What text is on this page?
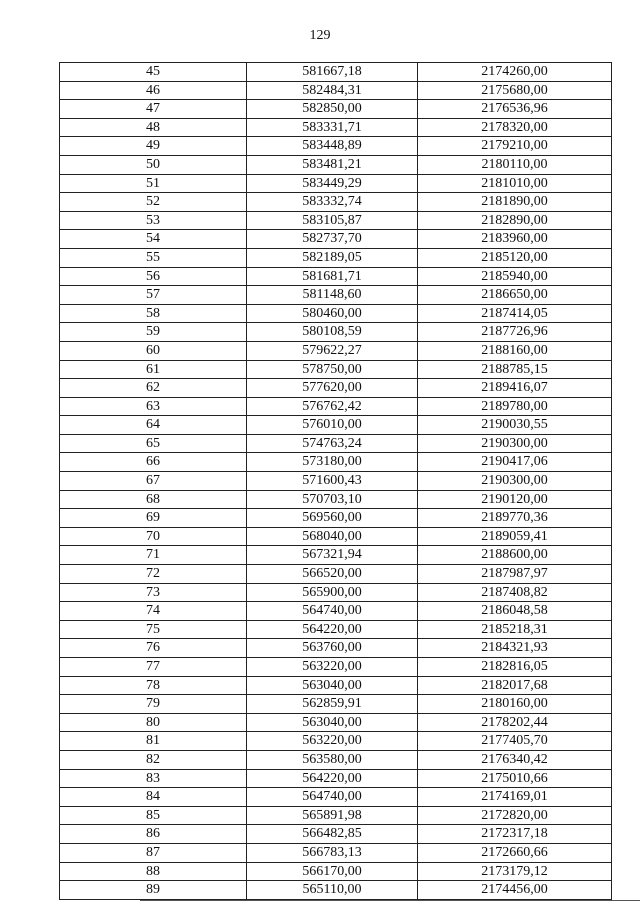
129
45	581667,18	2174260,00
46	582484,31	2175680,00
47	582850,00	2176536,96
48	583331,71	2178320,00
49	583448,89	2179210,00
50	583481,21	2180110,00
51	583449,29	2181010,00
52	583332,74	2181890,00
53	583105,87	2182890,00
54	582737,70	2183960,00
55	582189,05	2185120,00
56	581681,71	2185940,00
57	581148,60	2186650,00
58	580460,00	2187414,05
59	580108,59	2187726,96
60	579622,27	2188160,00
61	578750,00	2188785,15
62	577620,00	2189416,07
63	576762,42	2189780,00
64	576010,00	2190030,55
65	574763,24	2190300,00
66	573180,00	2190417,06
67	571600,43	2190300,00
68	570703,10	2190120,00
69	569560,00	2189770,36
70	568040,00	2189059,41
71	567321,94	2188600,00
72	566520,00	2187987,97
73	565900,00	2187408,82
74	564740,00	2186048,58
75	564220,00	2185218,31
76	563760,00	2184321,93
77	563220,00	2182816,05
78	563040,00	2182017,68
79	562859,91	2180160,00
80	563040,00	2178202,44
81	563220,00	2177405,70
82	563580,00	2176340,42
83	564220,00	2175010,66
84	564740,00	2174169,01
85	565891,98	2172820,00
86	566482,85	2172317,18
87	566783,13	2172660,66
88	566170,00	2173179,12
89	565110,00	2174456,00
